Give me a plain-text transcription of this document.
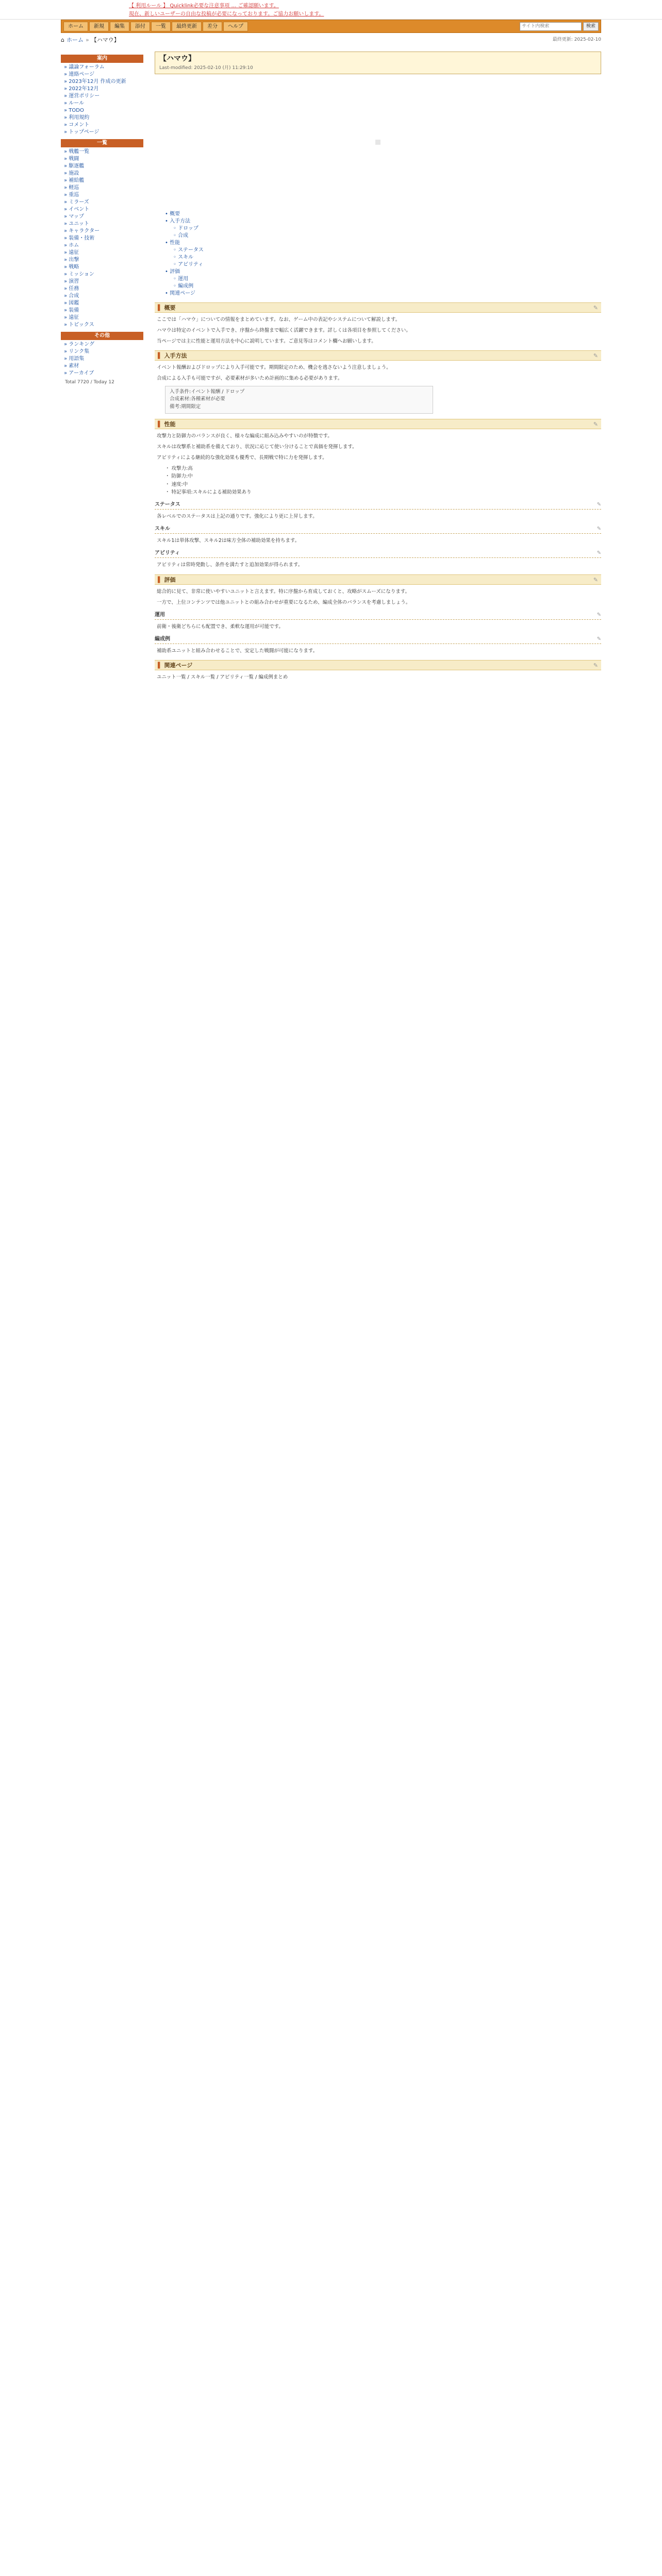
【 利用ルール 】 Quicklink必要な注意事項 … ご確認願います。
現在、新しいユーザーの自由な投稿が必要になっております。ご協力お願いします。
ホーム	新規	編集	添付	一覧	最終更新	差分	ヘルプ
サイト内検索	検索
⌂ ホーム » 【ハマウ】	最終更新: 2025-02-10
案内
» 議論フォーラム
» 連絡ページ
» 2023年12月 作成の更新
» 2022年12月
» 運営ポリシー
» ルール
» TODO
» 利用規約
» コメント
» トップページ
一覧
» 戦艦一覧
» 戦闘
» 駆逐艦
» 施設
» 補給艦
» 軽巡
» 重巡
» ミラーズ
» イベント
» マップ
» ユニット
» キャラクター
» 装備・技術
» ホム
» 遠征
» 出撃
» 戦略
» ミッション
» 演習
» 任務
» 合成
» 図鑑
» 装備
» 遠征
» トピックス
その他
» ランキング
» リンク集
» 用語集
» 素材
» アーカイブ
Total 7720 / Today 12
【ハマウ】
Last-modified: 2025-02-10 (月) 11:29:10
• 概要
• 入手方法
◦ ドロップ
◦ 合成
• 性能
◦ ステータス
◦ スキル
◦ アビリティ
• 評価
◦ 運用
◦ 編成例
• 関連ページ
▌ 概要	✎
ここでは「ハマウ」についての情報をまとめています。なお、ゲーム中の表記やシステムについて解説します。
ハマウは特定のイベントで入手でき、序盤から終盤まで幅広く活躍できます。詳しくは各項目を参照してください。
当ページでは主に性能と運用方法を中心に説明しています。ご意見等はコメント欄へお願いします。
▌ 入手方法	✎
イベント報酬およびドロップにより入手可能です。期間限定のため、機会を逃さないよう注意しましょう。
合成による入手も可能ですが、必要素材が多いため計画的に集める必要があります。
入手条件:イベント報酬 / ドロップ
合成素材:各種素材が必要
備考:期間限定
▌ 性能	✎
攻撃力と防御力のバランスが良く、様々な編成に組み込みやすいのが特徴です。
スキルは攻撃系と補助系を備えており、状況に応じて使い分けることで真価を発揮します。
アビリティによる継続的な強化効果も優秀で、長期戦で特に力を発揮します。
・ 攻撃力:高
・ 防御力:中
・ 速度:中
・ 特記事項:スキルによる補助効果あり
ステータス	✎
各レベルでのステータスは上記の通りです。強化により更に上昇します。
スキル	✎
スキル1は単体攻撃、スキル2は味方全体の補助効果を持ちます。
アビリティ	✎
アビリティは常時発動し、条件を満たすと追加効果が得られます。
▌ 評価	✎
総合的に見て、非常に使いやすいユニットと言えます。特に序盤から育成しておくと、攻略がスムーズになります。
一方で、上位コンテンツでは他ユニットとの組み合わせが重要になるため、編成全体のバランスを考慮しましょう。
運用	✎
前衛・後衛どちらにも配置でき、柔軟な運用が可能です。
編成例	✎
補助系ユニットと組み合わせることで、安定した戦闘が可能になります。
▌ 関連ページ	✎
ユニット一覧 / スキル一覧 / アビリティ一覧 / 編成例まとめ
